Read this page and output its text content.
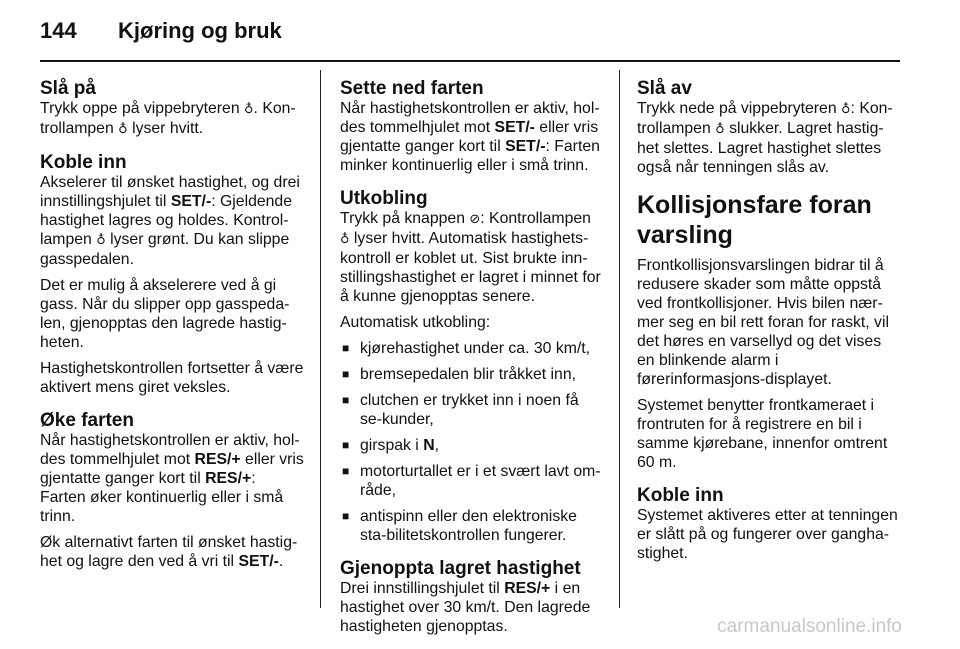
144	Kjøring og bruk
Slå på

Trykk oppe på vippebryteren ♁. Kon-trollampen ♁ lyser hvitt.

Koble inn

Akselerer til ønsket hastighet, og drei innstillingshjulet til SET/-: Gjeldende hastighet lagres og holdes. Kontrol-lampen ♁ lyser grønt. Du kan slippe gasspedalen.

Det er mulig å akselerere ved å gi gass. Når du slipper opp gasspeda-len, gjenopptas den lagrede hastig-heten.

Hastighetskontrollen fortsetter å være aktivert mens giret veksles.

Øke farten

Når hastighetskontrollen er aktiv, hol-des tommelhjulet mot RES/+ eller vris gjentatte ganger kort til RES/+: Farten øker kontinuerlig eller i små trinn.

Øk alternativt farten til ønsket hastig-het og lagre den ved å vri til SET/-.

Sette ned farten

Når hastighetskontrollen er aktiv, hol-des tommelhjulet mot SET/- eller vris gjentatte ganger kort til SET/-: Farten minker kontinuerlig eller i små trinn.

Utkobling

Trykk på knappen ⊘: Kontrollampen ♁ lyser hvitt. Automatisk hastighets-kontroll er koblet ut. Sist brukte inn-stillingshastighet er lagret i minnet for å kunne gjenopptas senere.

Automatisk utkobling:

■ kjørehastighet under ca. 30 km/t,
■ bremsepedalen blir tråkket inn,
■ clutchen er trykket inn i noen få se-kunder,
■ girspak i N,
■ motorturtallet er i et svært lavt om-råde,
■ antispinn eller den elektroniske sta-bilitetskontrollen fungerer.
Gjenoppta lagret hastighet

Drei innstillingshjulet til RES/+ i en hastighet over 30 km/t. Den lagrede hastigheten gjenopptas.

Slå av

Trykk nede på vippebryteren ♁: Kon-trollampen ♁ slukker. Lagret hastig-het slettes. Lagret hastighet slettes også når tenningen slås av.

Kollisjonsfare foran varsling

Frontkollisjonsvarslingen bidrar til å redusere skader som måtte oppstå ved frontkollisjoner. Hvis bilen nær-mer seg en bil rett foran for raskt, vil det høres en varsellyd og det vises en blinkende alarm i førerinformasjons-displayet.

Systemet benytter frontkameraet i frontruten for å registrere en bil i samme kjørebane, innenfor omtrent 60 m.

Koble inn

Systemet aktiveres etter at tenningen er slått på og fungerer over gangha-stighet.

carmanualsonline.info
